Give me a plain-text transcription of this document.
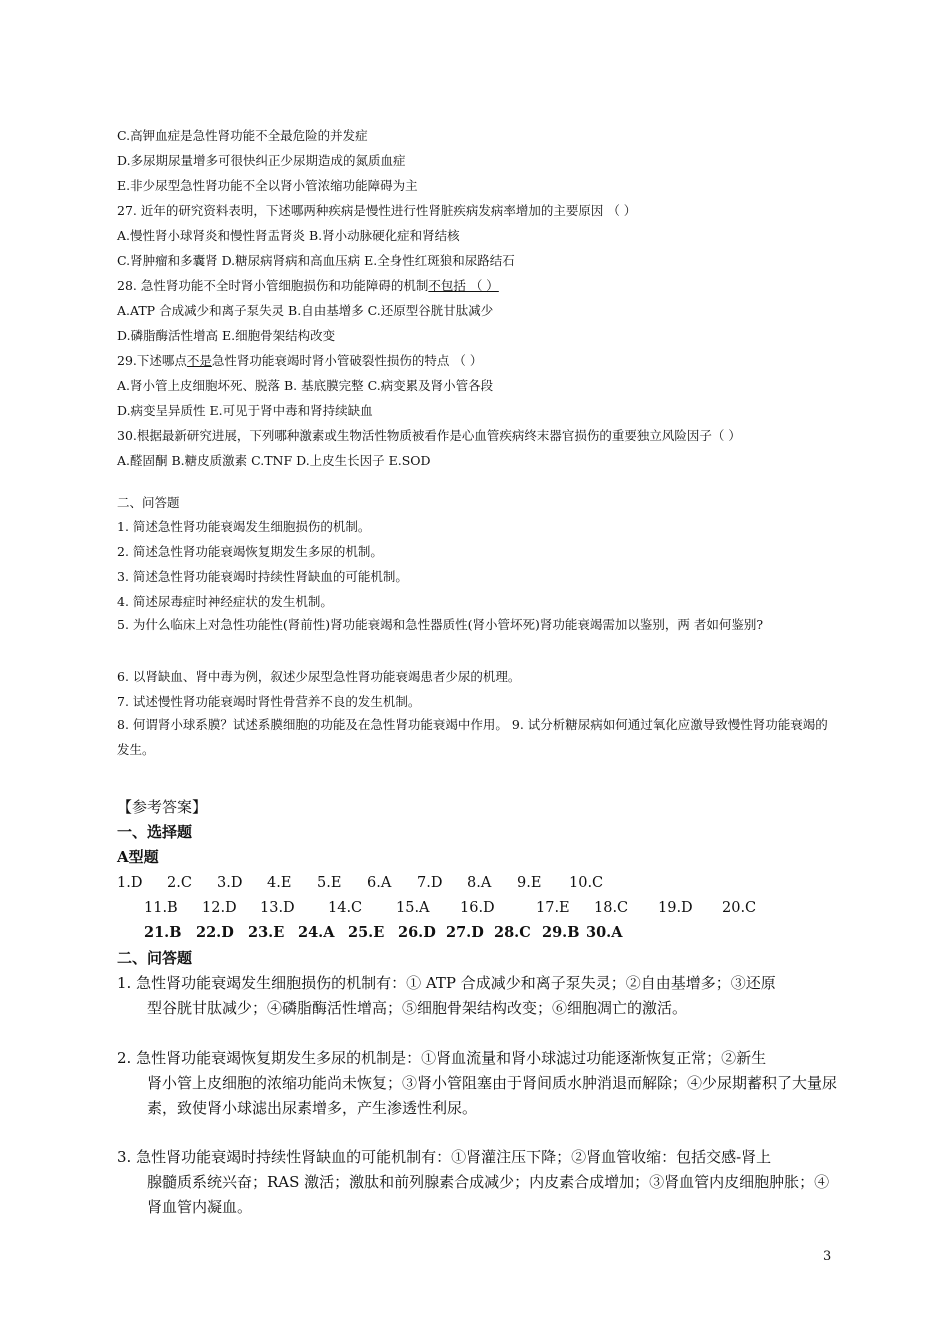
C.高钾血症是急性肾功能不全最危险的并发症
D.多尿期尿量增多可很快纠正少尿期造成的氮质血症
E.非少尿型急性肾功能不全以肾小管浓缩功能障碍为主
27. 近年的研究资料表明，下述哪两种疾病是慢性进行性肾脏疾病发病率增加的主要原因 （ ）
A.慢性肾小球肾炎和慢性肾盂肾炎 B.肾小动脉硬化症和肾结核
C.肾肿瘤和多囊肾 D.糖尿病肾病和高血压病 E.全身性红斑狼和尿路结石
28. 急性肾功能不全时肾小管细胞损伤和功能障碍的机制不包括 （ ）
A.ATP 合成减少和离子泵失灵 B.自由基增多 C.还原型谷胱甘肽减少
D.磷脂酶活性增高 E.细胞骨架结构改变
29.下述哪点不是急性肾功能衰竭时肾小管破裂性损伤的特点 （ ）
A.肾小管上皮细胞坏死、脱落 B. 基底膜完整 C.病变累及肾小管各段
D.病变呈异质性 E.可见于肾中毒和肾持续缺血
30.根据最新研究进展，下列哪种激素或生物活性物质被看作是心血管疾病终末器官损伤的重要独立风险因子（ ）
A.醛固酮 B.糖皮质激素 C.TNF D.上皮生长因子 E.SOD
二、问答题
1. 简述急性肾功能衰竭发生细胞损伤的机制。
2. 简述急性肾功能衰竭恢复期发生多尿的机制。
3. 简述急性肾功能衰竭时持续性肾缺血的可能机制。
4. 简述尿毒症时神经症状的发生机制。
5. 为什么临床上对急性功能性(肾前性)肾功能衰竭和急性器质性(肾小管坏死)肾功能衰竭需加以鉴别，两 者如何鉴别?
6. 以肾缺血、肾中毒为例，叙述少尿型急性肾功能衰竭患者少尿的机理。
7. 试述慢性肾功能衰竭时肾性骨营养不良的发生机制。
8. 何谓肾小球系膜？试述系膜细胞的功能及在急性肾功能衰竭中作用。 9. 试分析糖尿病如何通过氧化应激导致慢性肾功能衰竭的发生。
【参考答案】
一、选择题
A型题
1.D 2.C 3.D 4.E 5.E 6.A 7.D 8.A 9.E 10.C
11.B 12.D 13.D 14.C 15.A 16.D	17.E 18.C 19.D 20.C
21.B 22.D 23.E 24.A 25.E 26.D 27.D 28.C 29.B 30.A
二、问答题
1. 急性肾功能衰竭发生细胞损伤的机制有：① ATP 合成减少和离子泵失灵；②自由基增多；③还原
型谷胱甘肽减少；④磷脂酶活性增高；⑤细胞骨架结构改变；⑥细胞凋亡的激活。
2. 急性肾功能衰竭恢复期发生多尿的机制是：①肾血流量和肾小球滤过功能逐渐恢复正常；②新生
肾小管上皮细胞的浓缩功能尚未恢复；③肾小管阻塞由于肾间质水肿消退而解除；④少尿期蓄积了大量尿素，致使肾小球滤出尿素增多，产生渗透性利尿。
3. 急性肾功能衰竭时持续性肾缺血的可能机制有：①肾灌注压下降；②肾血管收缩：包括交感-肾上
腺髓质系统兴奋；RAS 激活；激肽和前列腺素合成减少；内皮素合成增加；③肾血管内皮细胞肿胀；④肾血管内凝血。
3
